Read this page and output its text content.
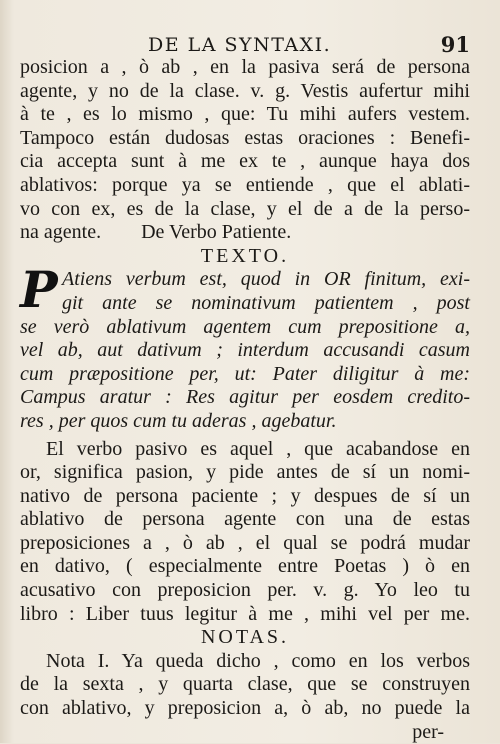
DE LA SYNTAXI.	91
posicion a , ò ab , en la pasiva será de persona
agente, y no de la clase. v. g. Vestis aufertur mihi
à te , es lo mismo , que: Tu mihi aufers vestem.
Tampoco están dudosas estas oraciones : Benefi-
cia accepta sunt à me ex te , aunque haya dos
ablativos: porque ya se entiende , que el ablati-
vo con ex, es de la clase, y el de a de la perso-
na agente.        De Verbo Patiente.
TEXTO.
P Atiens verbum est, quod in OR finitum, exi-
git ante se nominativum patientem , post
se verò ablativum agentem cum prepositione a,
vel ab, aut dativum ; interdum accusandi casum
cum præpositione per, ut: Pater diligitur à me:
Campus aratur : Res agitur per eosdem credito-
res , per quos cum tu aderas , agebatur.
El verbo pasivo es aquel , que acabandose en
or, significa pasion, y pide antes de sí un nomi-
nativo de persona paciente ; y despues de sí un
ablativo de persona agente con una de estas
preposiciones a , ò ab , el qual se podrá mudar
en dativo, ( especialmente entre Poetas ) ò en
acusativo con preposicion per. v. g. Yo leo tu
libro : Liber tuus legitur à me , mihi vel per me.
NOTAS.
Nota I. Ya queda dicho , como en los verbos
de la sexta , y quarta clase, que se construyen
con ablativo, y preposicion a, ò ab, no puede la
per-
